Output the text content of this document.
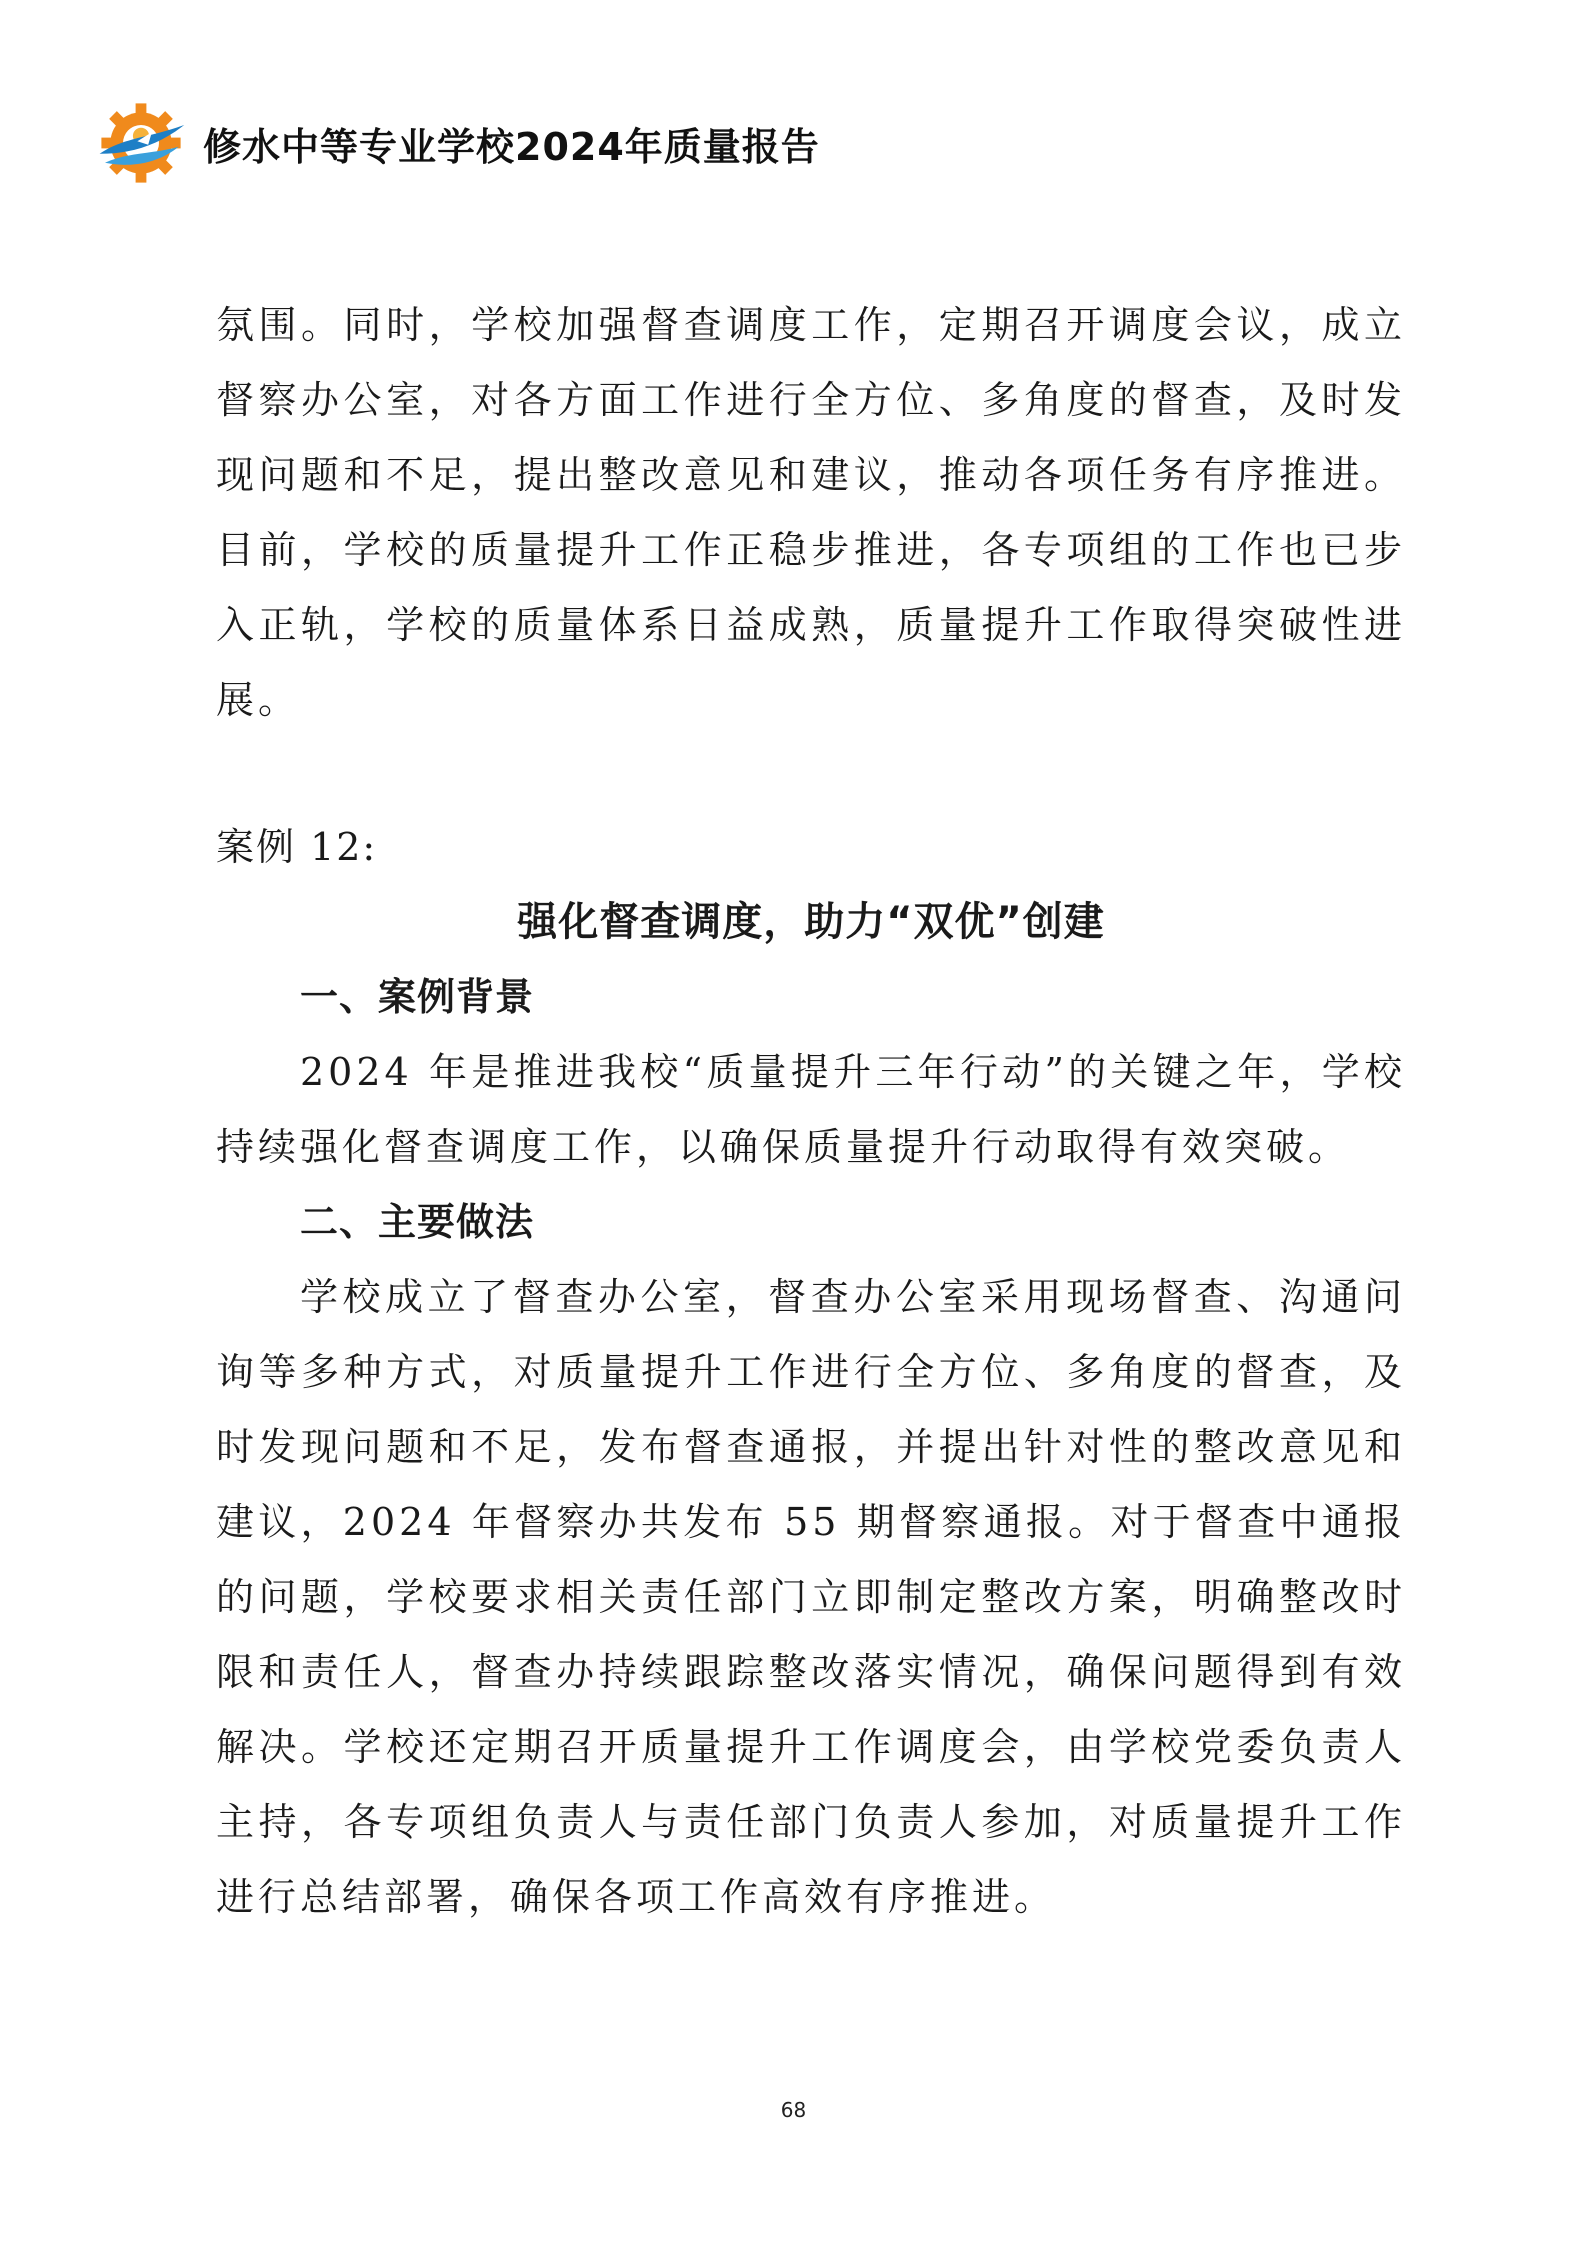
修水中等专业学校2024年质量报告

氛围。同时，学校加强督查调度工作，定期召开调度会议，成立督察办公室，对各方面工作进行全方位、多角度的督查，及时发现问题和不足，提出整改意见和建议，推动各项任务有序推进。目前，学校的质量提升工作正稳步推进，各专项组的工作也已步入正轨，学校的质量体系日益成熟，质量提升工作取得突破性进展。

案例 12:

强化督查调度，助力“双优”创建

一、案例背景

2024 年是推进我校“质量提升三年行动”的关键之年，学校持续强化督查调度工作，以确保质量提升行动取得有效突破。

二、主要做法

学校成立了督查办公室，督查办公室采用现场督查、沟通问询等多种方式，对质量提升工作进行全方位、多角度的督查，及时发现问题和不足，发布督查通报，并提出针对性的整改意见和建议，2024 年督察办共发布 55 期督察通报。对于督查中通报的问题，学校要求相关责任部门立即制定整改方案，明确整改时限和责任人，督查办持续跟踪整改落实情况，确保问题得到有效解决。学校还定期召开质量提升工作调度会，由学校党委负责人主持，各专项组负责人与责任部门负责人参加，对质量提升工作进行总结部署，确保各项工作高效有序推进。

68
